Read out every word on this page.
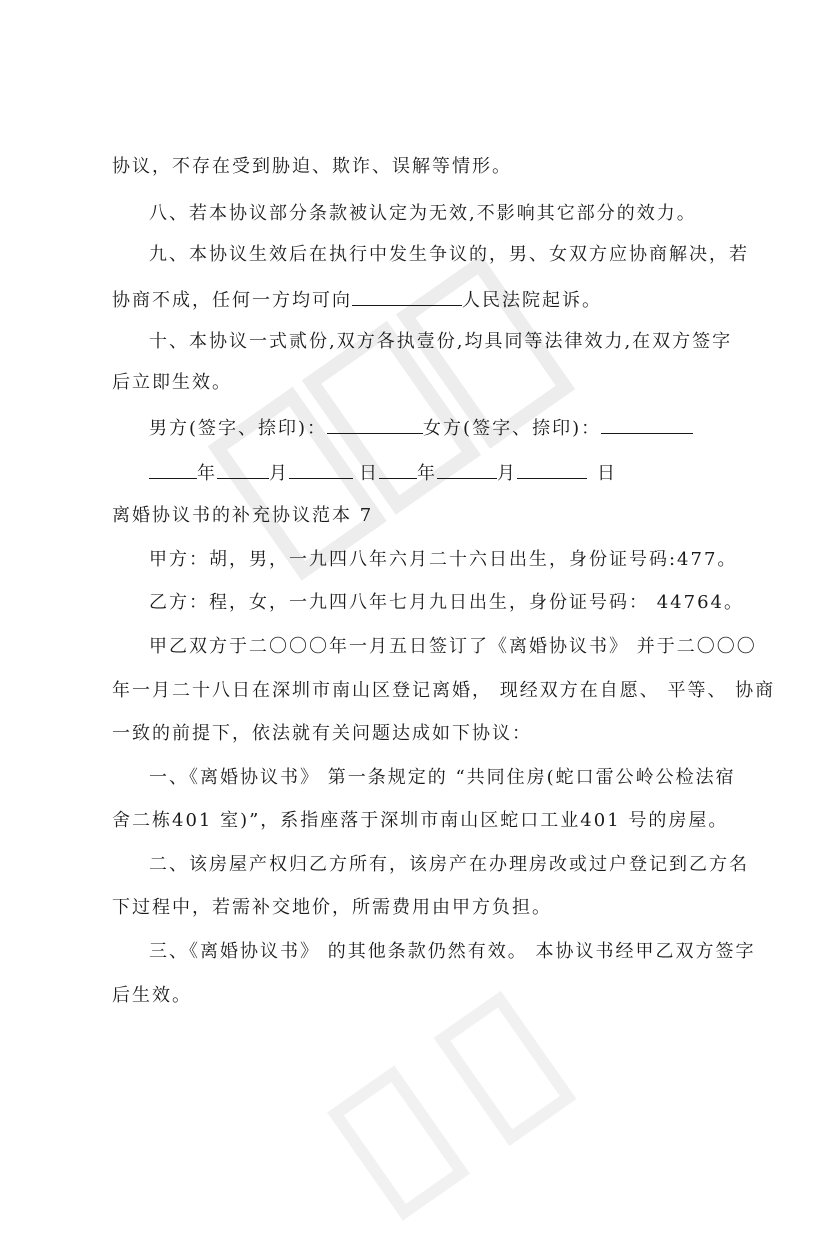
协议，不存在受到胁迫、欺诈、误解等情形。
八、若本协议部分条款被认定为无效,不影响其它部分的效力。
九、本协议生效后在执行中发生争议的，男、女双方应协商解决，若
协商不成，任何一方均可向	人民法院起诉。
十、本协议一式贰份,双方各执壹份,均具同等法律效力,在双方签字
后立即生效。
男方(签字、捺印)：	女方(签字、捺印)：
年	月	日 年	月	日
离婚协议书的补充协议范本 7
甲方：胡，男，一九四八年六月二十六日出生，身份证号码:477。
乙方：程，女，一九四八年七月九日出生，身份证号码： 44764。
甲乙双方于二〇〇〇年一月五日签订了《离婚协议书》 并于二〇〇〇
年一月二十八日在深圳市南山区登记离婚， 现经双方在自愿、 平等、 协商
一致的前提下，依法就有关问题达成如下协议：
一、《离婚协议书》 第一条规定的 “共同住房(蛇口雷公岭公检法宿
舍二栋401 室)”，系指座落于深圳市南山区蛇口工业401 号的房屋。
二、该房屋产权归乙方所有，该房产在办理房改或过户登记到乙方名
下过程中，若需补交地价，所需费用由甲方负担。
三、《离婚协议书》 的其他条款仍然有效。 本协议书经甲乙双方签字
后生效。
